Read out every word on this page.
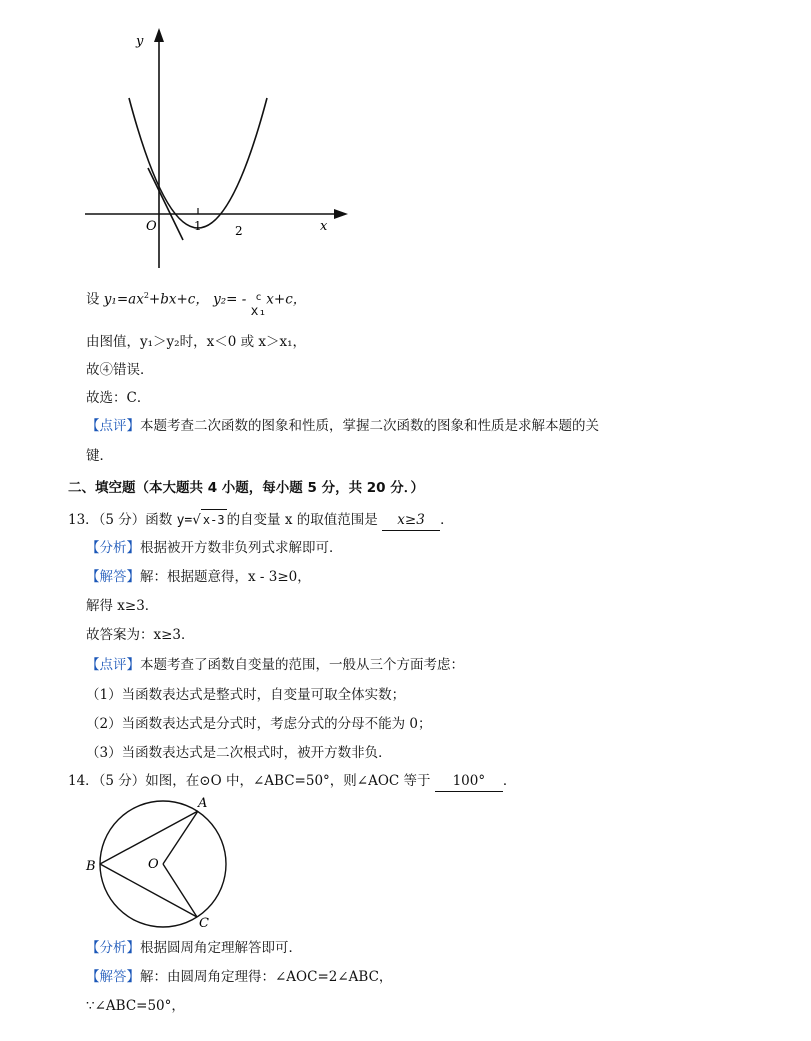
y
x
O	1	2
设 $y_1=ax^2+bx+c$， y₂= - c
x₁
x+c，
由图值，y₁＞y₂时，x＜0 或 x＞x₁，
故④错误．
故选：C．
【点评】本题考查二次函数的图象和性质，掌握二次函数的图象和性质是求解本题的关
键．
二、填空题（本大题共 4 小题，每小题 5 分，共 20 分．）
13．（5 分）函数 y=√ x-3 的自变量 x 的取值范围是 x≥3 ．
【分析】根据被开方数非负列式求解即可．
【解答】解：根据题意得，x - 3≥0，
解得 x≥3．
故答案为：x≥3．
【点评】本题考查了函数自变量的范围，一般从三个方面考虑：
（1）当函数表达式是整式时，自变量可取全体实数；
（2）当函数表达式是分式时，考虑分式的分母不能为 0；
（3）当函数表达式是二次根式时，被开方数非负．
14．（5 分）如图，在⊙O 中，∠ABC=50°，则∠AOC 等于 100° ．
A
B
C
O
【分析】根据圆周角定理解答即可．
【解答】解：由圆周角定理得：∠AOC=2∠ABC，
∵∠ABC=50°，
